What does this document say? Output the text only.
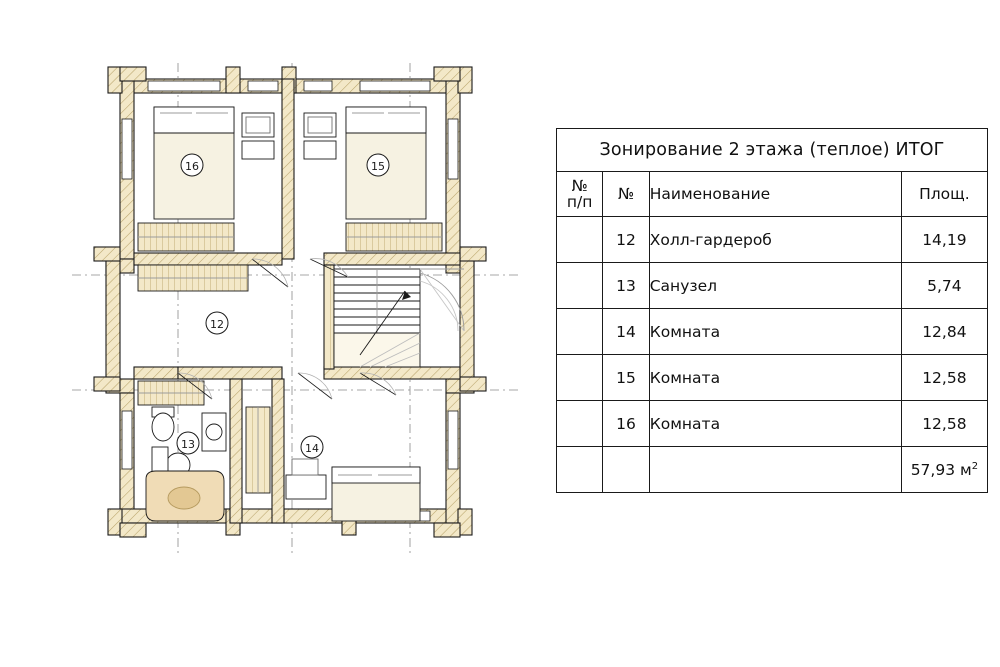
16	15
12
13	14
Зонирование 2 этажа (теплое) ИТОГ			

№
п/п	№	Наименование	Площ.
	12	Холл-гардероб	14,19
	13	Санузел	5,74
	14	Комната	12,84
	15	Комната	12,58
	16	Комната	12,58
			57,93 $м^2$
